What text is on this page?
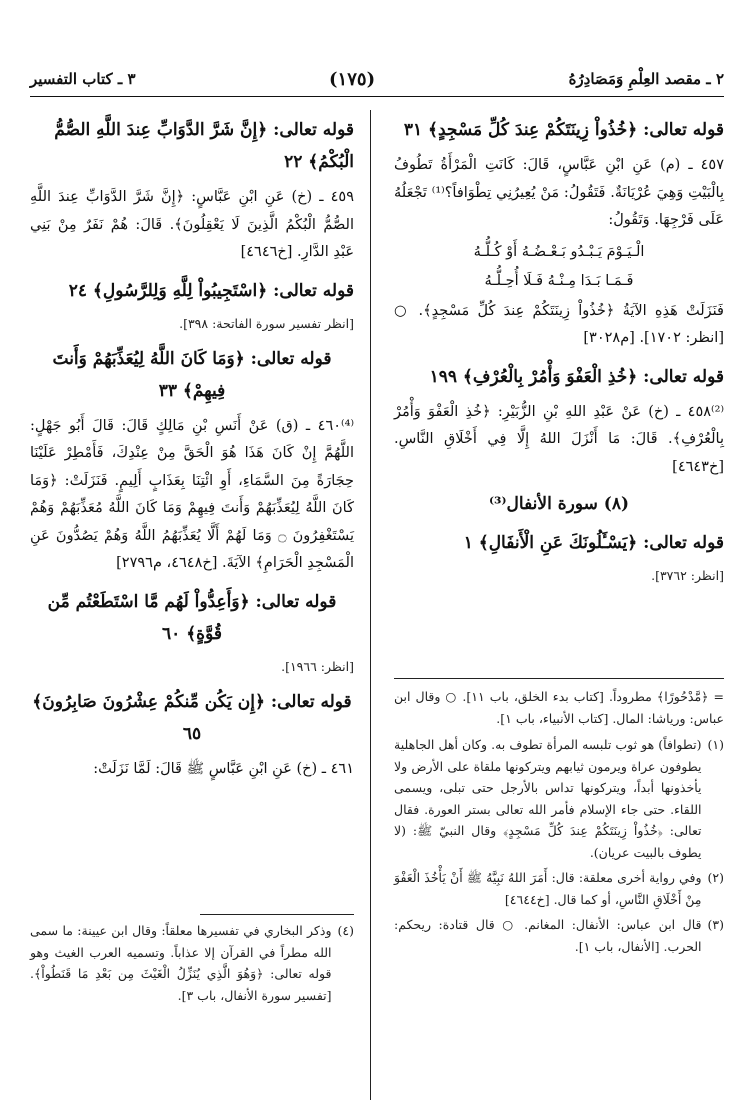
٢ ـ مقصد العِلْمِ وَمَصَادِرُهُ
(١٧٥)
٣ ـ كتاب التفسير
قوله تعالى: ﴿خُذُواْ زِينَتَكُمْ عِندَ كُلِّ مَسْجِدٍ﴾ ٣١
٤٥٧ ـ (م) عَنِ ابْنِ عَبَّاسٍ، قَالَ: كَانَتِ الْمَرْأَةُ تَطُوفُ بِالْبَيْتِ وَهِيَ عُرْيَانَةٌ. فَتَقُولُ: مَنْ يُعِيرُنِي تِطْوَافاً؟⁽¹⁾ تَجْعَلُهُ عَلَى فَرْجِهَا. وَتَقُولُ:
الْـيَـوْمَ يَـبْـدُو بَـعْـضُـهُ أَوْ كُـلُّـهُ
فَـمَـا بَـدَا مِـنْـهُ فَـلَا أُحِـلُّـهُ
فَنَزَلَتْ هَذِهِ الآيَةُ ﴿خُذُواْ زِينَتَكُمْ عِندَ كُلِّ مَسْجِدٍ﴾. ○ [انظر: ١٧٠٢]. [م٣٠٢٨]
قوله تعالى: ﴿خُذِ الْعَفْوَ وَأْمُرْ بِالْعُرْفِ﴾ ١٩٩
⁽²⁾٤٥٨ ـ (خ) عَنْ عَبْدِ اللهِ بْنِ الزُّبَيْرِ: ﴿خُذِ الْعَفْوَ وَأْمُرْ بِالْعُرْفِ﴾. قَالَ: مَا أَنْزَلَ اللهُ إِلَّا فِي أَخْلَاقِ النَّاسِ. [خ٤٦٤٣]
(٨) سورة الأنفال⁽³⁾
قوله تعالى: ﴿يَسْـَٔلُونَكَ عَنِ الْأَنفَالِ﴾ ١
[انظر: ٣٧٦٢].
قوله تعالى: ﴿إِنَّ شَرَّ الدَّوَابِّ عِندَ اللَّهِ الصُّمُّ الْبُكْمُ﴾ ٢٢
٤٥٩ ـ (خ) عَنِ ابْنِ عَبَّاسٍ: ﴿إِنَّ شَرَّ الدَّوَابِّ عِندَ اللَّهِ الصُّمُّ الْبُكْمُ الَّذِينَ لَا يَعْقِلُونَ﴾. قَالَ: هُمْ نَفَرٌ مِنْ بَنِي عَبْدِ الدَّارِ. [خ٤٦٤٦]
قوله تعالى: ﴿اسْتَجِيبُواْ لِلَّهِ وَلِلرَّسُولِ﴾ ٢٤
[انظر تفسير سورة الفاتحة: ٣٩٨].
قوله تعالى: ﴿وَمَا كَانَ اللَّهُ لِيُعَذِّبَهُمْ وَأَنتَ فِيهِمْ﴾ ٣٣
⁽⁴⁾٤٦٠ ـ (ق) عَنْ أَنَسِ بْنِ مَالِكٍ قَالَ: قَالَ أَبُو جَهْلٍ: اللَّهُمَّ إِنْ كَانَ هَذَا هُوَ الْحَقَّ مِنْ عِنْدِكَ، فَأَمْطِرْ عَلَيْنَا حِجَارَةً مِنَ السَّمَاءِ، أَوِ ائْتِنَا بِعَذَابٍ أَلِيمٍ. فَنَزَلَتْ: ﴿وَمَا كَانَ اللَّهُ لِيُعَذِّبَهُمْ وَأَنتَ فِيهِمْ وَمَا كَانَ اللَّهُ مُعَذِّبَهُمْ وَهُمْ يَسْتَغْفِرُونَ ۝ وَمَا لَهُمْ أَلَّا يُعَذِّبَهُمُ اللَّهُ وَهُمْ يَصُدُّونَ عَنِ الْمَسْجِدِ الْحَرَامِ﴾ الآيَةَ. [خ٤٦٤٨، م٢٧٩٦]
قوله تعالى: ﴿وَأَعِدُّواْ لَهُم مَّا اسْتَطَعْتُم مِّن قُوَّةٍ﴾ ٦٠
[انظر: ١٩٦٦].
قوله تعالى: ﴿إِن يَكُن مِّنكُمْ عِشْرُونَ صَابِرُونَ﴾ ٦٥
٤٦١ ـ (خ) عَنِ ابْنِ عَبَّاسٍ ﷺ قَالَ: لَمَّا نَزَلَتْ:
= ﴿مَّدْحُورًا﴾ مطروداً. [كتاب بدء الخلق، باب ١١]. ○ وقال ابن عباس: ورياشا: المال. [كتاب الأنبياء، باب ١].
(١)
(تطوافاً) هو ثوب تلبسه المرأة تطوف به. وكان أهل الجاهلية يطوفون عراة ويرمون ثيابهم ويتركونها ملقاة على الأرض ولا يأخذونها أبداً، ويتركونها تداس بالأرجل حتى تبلى، ويسمى اللقاء. حتى جاء الإسلام فأمر الله تعالى بستر العورة. فقال تعالى: ﴿خُذُواْ زِينَتَكُمْ عِندَ كُلِّ مَسْجِدٍ﴾ وقال النبيّ ﷺ: (لا يطوف بالبيت عريان).
(٢)
وفي رواية أخرى معلقة: قال: أَمَرَ اللهُ نَبِيَّهُ ﷺ أَنْ يَأْخُذَ الْعَفْوَ مِنْ أَخْلَاقِ النَّاسِ، أو كما قال. [خ٤٦٤٤]
(٣)
قال ابن عباس: الأنفال: المغانم. ○ قال قتادة: ريحكم: الحرب. [الأنفال، باب ١].
(٤)
وذكر البخاري في تفسيرها معلقاً: وقال ابن عيينة: ما سمى الله مطراً في القرآن إلا عذاباً. وتسميه العرب الغيث وهو قوله تعالى: ﴿وَهُوَ الَّذِي يُنَزِّلُ الْغَيْثَ مِن بَعْدِ مَا قَنَطُواْ﴾. [تفسير سورة الأنفال، باب ٣].
